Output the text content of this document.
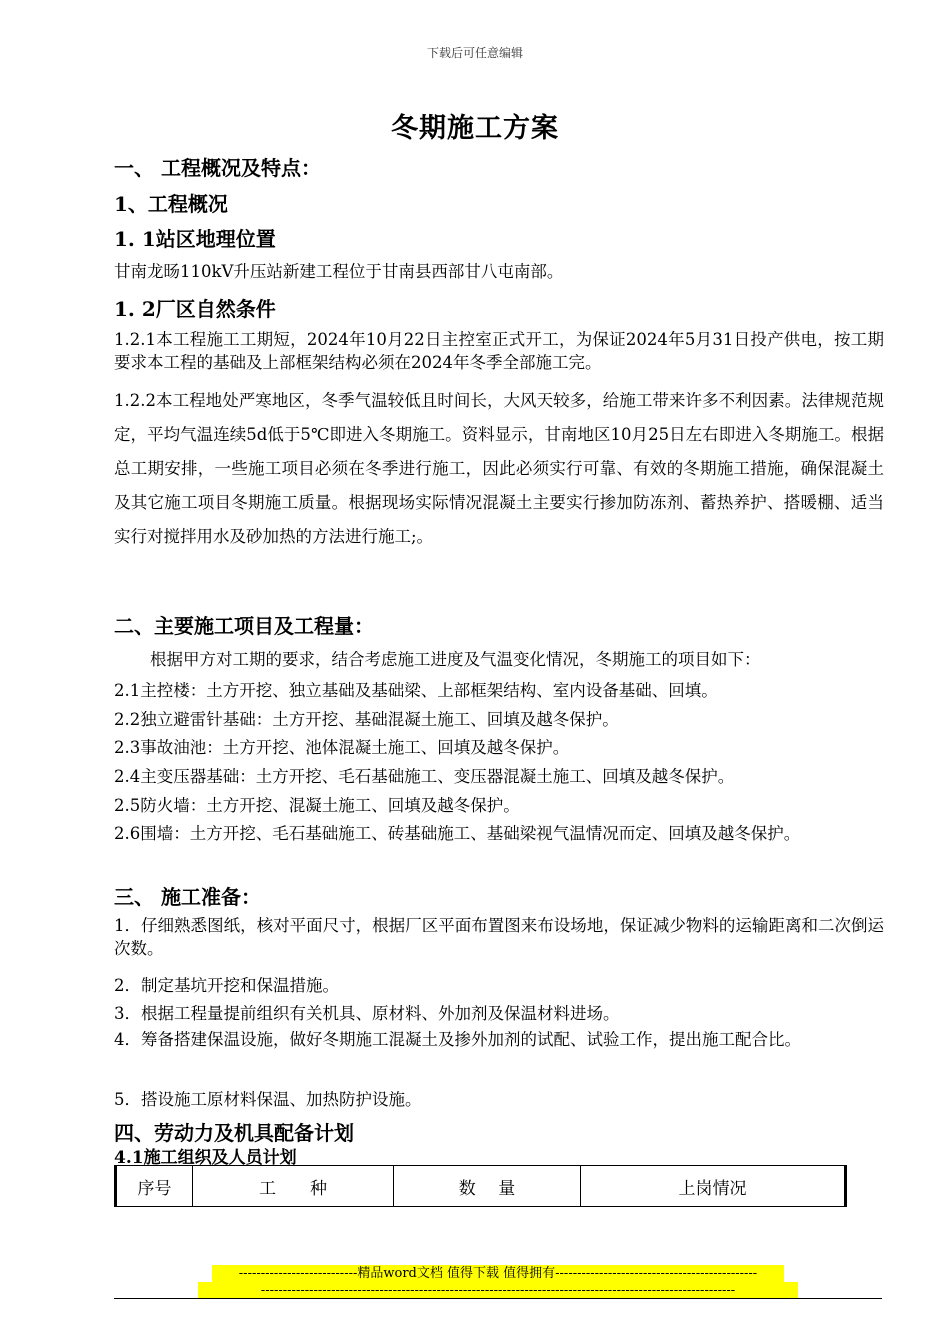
下载后可任意编辑
冬期施工方案
一、 工程概况及特点：
1、工程概况
1. 1站区地理位置
甘南龙旸110kV升压站新建工程位于甘南县西部甘八屯南部。
1. 2厂区自然条件
1.2.1本工程施工工期短，2024年10月22日主控室正式开工，为保证2024年5月31日投产供电，按工期要求本工程的基础及上部框架结构必须在2024年冬季全部施工完。
1.2.2本工程地处严寒地区，冬季气温较低且时间长，大风天较多，给施工带来许多不利因素。法律规范规定，平均气温连续5d低于5℃即进入冬期施工。资料显示，甘南地区10月25日左右即进入冬期施工。根据总工期安排，一些施工项目必须在冬季进行施工，因此必须实行可靠、有效的冬期施工措施，确保混凝土及其它施工项目冬期施工质量。根据现场实际情况混凝土主要实行掺加防冻剂、蓄热养护、搭暖棚、适当实行对搅拌用水及砂加热的方法进行施工;。
二、主要施工项目及工程量：
根据甲方对工期的要求，结合考虑施工进度及气温变化情况，冬期施工的项目如下：
2.1主控楼：土方开挖、独立基础及基础梁、上部框架结构、室内设备基础、回填。
2.2独立避雷针基础：土方开挖、基础混凝土施工、回填及越冬保护。
2.3事故油池：土方开挖、池体混凝土施工、回填及越冬保护。
2.4主变压器基础：土方开挖、毛石基础施工、变压器混凝土施工、回填及越冬保护。
2.5防火墙：土方开挖、混凝土施工、回填及越冬保护。
2.6围墙：土方开挖、毛石基础施工、砖基础施工、基础梁视气温情况而定、回填及越冬保护。
三、 施工准备：
1．仔细熟悉图纸，核对平面尺寸，根据厂区平面布置图来布设场地，保证减少物料的运输距离和二次倒运次数。
2．制定基坑开挖和保温措施。
3．根据工程量提前组织有关机具、原材料、外加剂及保温材料进场。
4．筹备搭建保温设施，做好冬期施工混凝土及掺外加剂的试配、试验工作，提出施工配合比。
5．搭设施工原材料保温、加热防护设施。
四、劳动力及机具配备计划
4.1施工组织及人员计划
序号	工　　种	数　 量	上岗情况
---------------------------精品word文档 值得下载 值得拥有----------------------------------------------
------------------------------------------------------------------------------------------------------------
